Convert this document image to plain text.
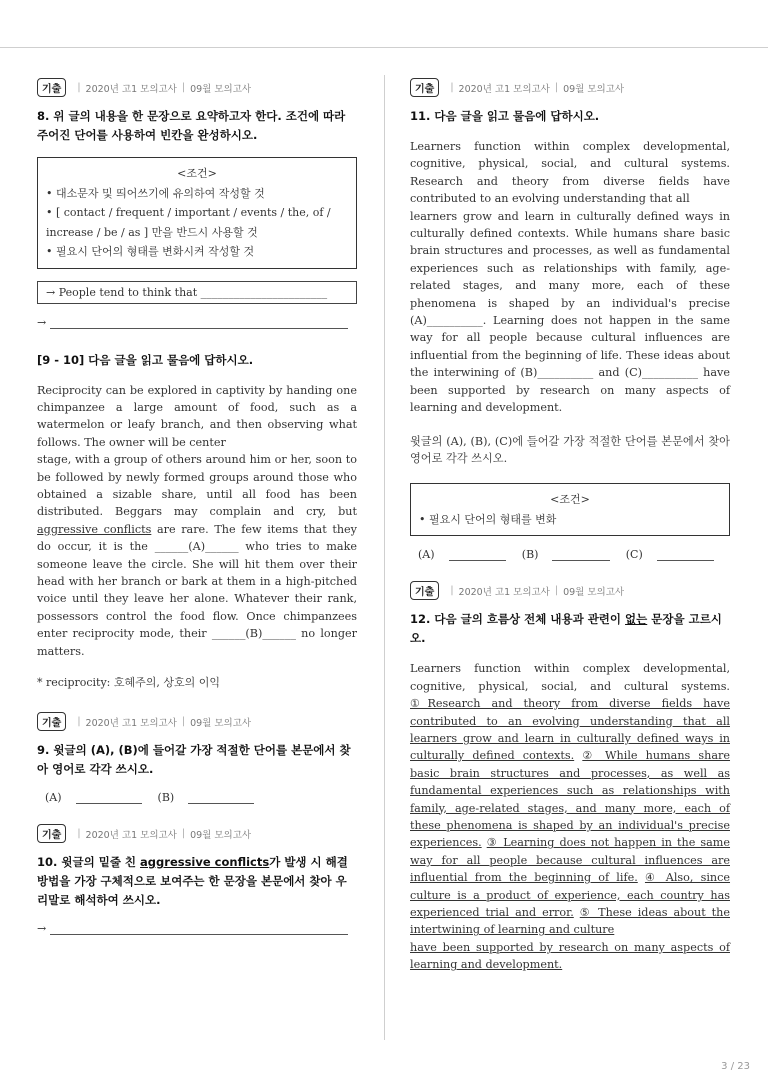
기출	| 2020년 고1 모의고사 | 09월 모의고사

8. 위 글의 내용을 한 문장으로 요약하고자 한다. 조건에 따라 주어진 단어를 사용하여 빈칸을 완성하시오.

<조건>
• 대소문자 및 띄어쓰기에 유의하여 작성할 것
• [ contact / frequent / important / events / the, of / increase / be / as ] 만을 반드시 사용할 것
• 필요시 단어의 형태를 변화시켜 작성할 것
→ People tend to think that _______________________
→

[9 - 10] 다음 글을 읽고 물음에 답하시오.

Reciprocity can be explored in captivity by handing one chimpanzee a large amount of food, such as a watermelon or leafy branch, and then observing what follows. The owner will be center
stage, with a group of others around him or her, soon to be followed by newly formed groups around those who obtained a sizable share, until all food has been distributed. Beggars may complain and cry, but aggressive conflicts are rare. The few items that they do occur, it is the ______(A)______ who tries to make someone leave the circle. She will hit them over their head with her branch or bark at them in a high-pitched voice until they leave her alone. Whatever their rank, possessors control the food flow. Once chimpanzees enter reciprocity mode, their ______(B)______ no longer matters.

* reciprocity: 호혜주의, 상호의 이익
기출	| 2020년 고1 모의고사 | 09월 모의고사

9. 윗글의 (A), (B)에 들어갈 가장 적절한 단어를 본문에서 찾아 영어로 각각 쓰시오.

(A)	(B)
기출	| 2020년 고1 모의고사 | 09월 모의고사

10. 윗글의 밑줄 친 aggressive conflicts가 발생 시 해결 방법을 가장 구체적으로 보여주는 한 문장을 본문에서 찾아 우리말로 해석하여 쓰시오.

→
기출	| 2020년 고1 모의고사 | 09월 모의고사

11. 다음 글을 읽고 물음에 답하시오.

Learners function within complex developmental, cognitive, physical, social, and cultural systems. Research and theory from diverse fields have contributed to an evolving understanding that all
learners grow and learn in culturally defined ways in culturally defined contexts. While humans share basic brain structures and processes, as well as fundamental experiences such as relationships with family, age-related stages, and many more, each of these phenomena is shaped by an individual's precise (A)__________. Learning does not happen in the same way for all people because cultural influences are influential from the beginning of life. These ideas about the interwining of (B)__________ and (C)__________ have been supported by research on many aspects of learning and development.

윗글의 (A), (B), (C)에 들어갈 가장 적절한 단어를 본문에서 찾아 영어로 각각 쓰시오.

<조건>
• 필요시 단어의 형태를 변화
(A)	(B)	(C)
기출	| 2020년 고1 모의고사 | 09월 모의고사

12. 다음 글의 흐름상 전체 내용과 관련이 없는 문장을 고르시오.

Learners function within complex developmental, cognitive, physical, social, and cultural systems. ①Research and theory from diverse fields have contributed to an evolving understanding that all learners grow and learn in culturally defined ways in culturally defined contexts. ② While humans share basic brain structures and processes, as well as fundamental experiences such as relationships with family, age-related stages, and many more, each of these phenomena is shaped by an individual's precise experiences. ③ Learning does not happen in the same way for all people because cultural influences are influential from the beginning of life. ④ Also, since culture is a product of experience, each country has experienced trial and error. ⑤ These ideas about the intertwining of learning and culture
have been supported by research on many aspects of learning and development.

3 / 23
